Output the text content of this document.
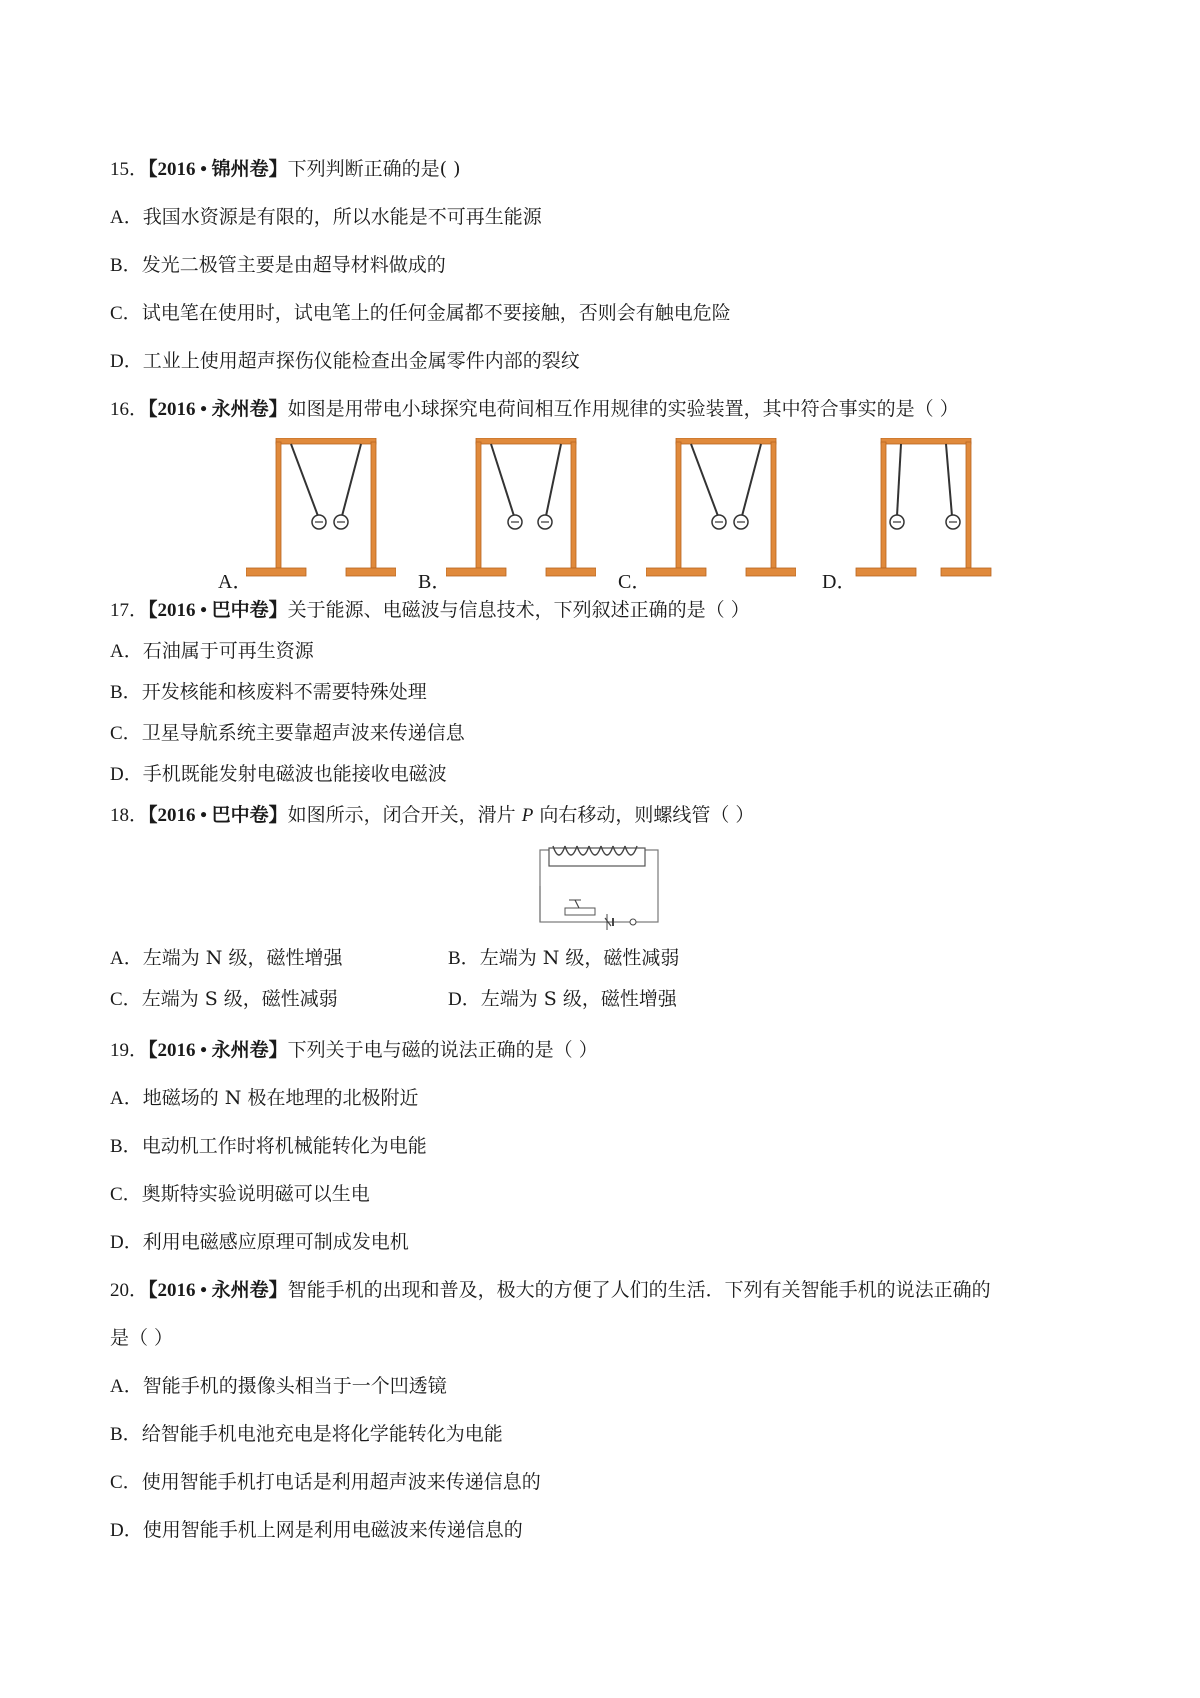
15．【2016 • 锦州卷】下列判断正确的是( )
A．我国水资源是有限的，所以水能是不可再生能源
B．发光二极管主要是由超导材料做成的
C．试电笔在使用时，试电笔上的任何金属都不要接触，否则会有触电危险
D．工业上使用超声探伤仪能检查出金属零件内部的裂纹
16．【2016 • 永州卷】如图是用带电小球探究电荷间相互作用规律的实验装置，其中符合事实的是（ ）
A．	B．	C．	D．
17．【2016 • 巴中卷】关于能源、电磁波与信息技术，下列叙述正确的是（ ）
A．石油属于可再生资源
B．开发核能和核废料不需要特殊处理
C．卫星导航系统主要靠超声波来传递信息
D．手机既能发射电磁波也能接收电磁波
18．【2016 • 巴中卷】如图所示，闭合开关，滑片 P 向右移动，则螺线管（ ）
A．左端为 N 级，磁性增强	B．左端为 N 级，磁性减弱
C．左端为 S 级，磁性减弱	D．左端为 S 级，磁性增强
19．【2016 • 永州卷】下列关于电与磁的说法正确的是（ ）
A．地磁场的 N 极在地理的北极附近
B．电动机工作时将机械能转化为电能
C．奥斯特实验说明磁可以生电
D．利用电磁感应原理可制成发电机
20．【2016 • 永州卷】智能手机的出现和普及，极大的方便了人们的生活．下列有关智能手机的说法正确的
是（ ）
A．智能手机的摄像头相当于一个凹透镜
B．给智能手机电池充电是将化学能转化为电能
C．使用智能手机打电话是利用超声波来传递信息的
D．使用智能手机上网是利用电磁波来传递信息的
